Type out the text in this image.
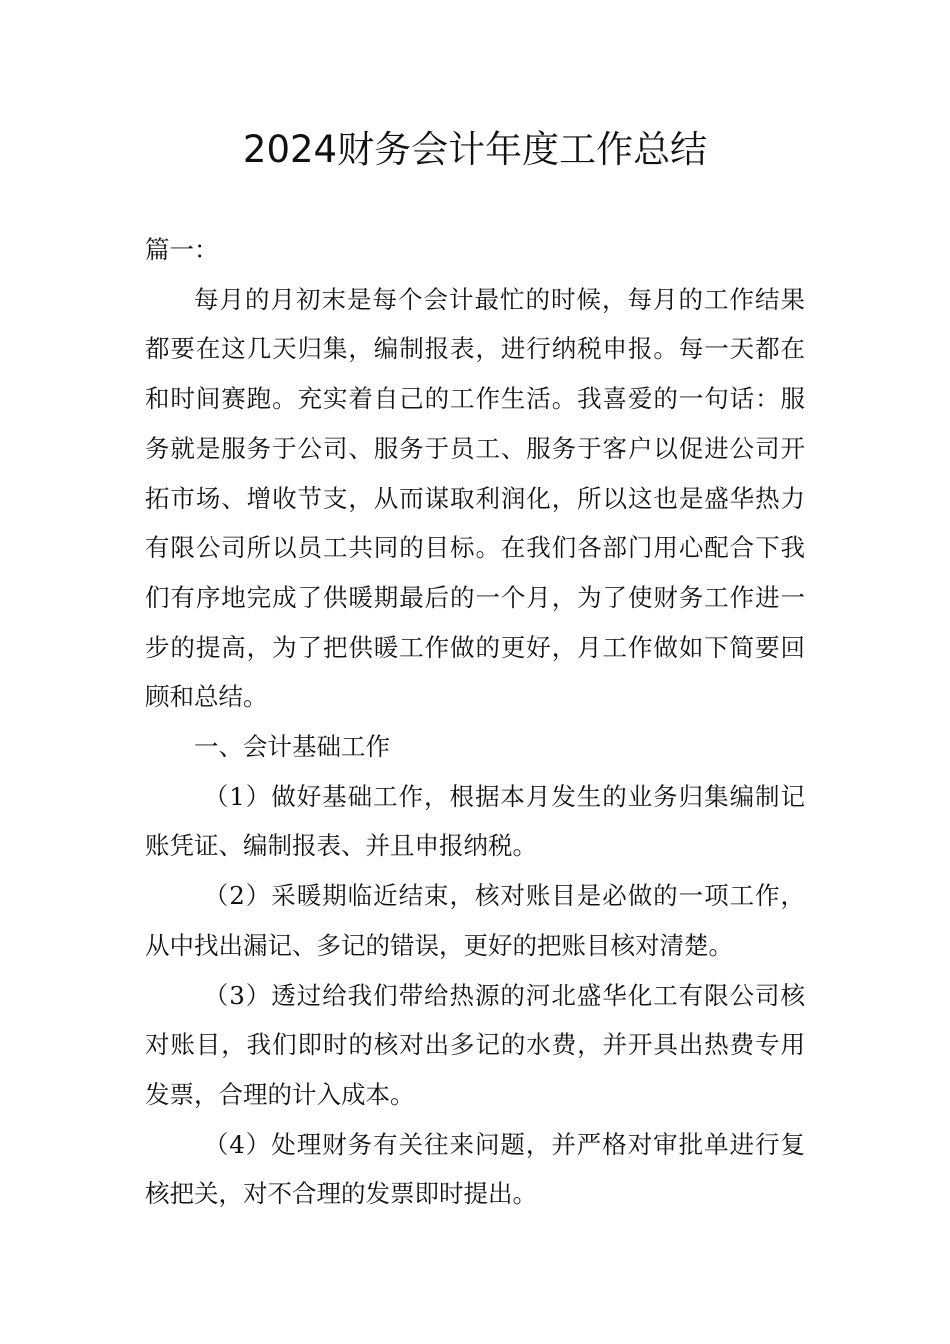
2024财务会计年度工作总结

篇一：

每月的月初末是每个会计最忙的时候，每月的工作结果都要在这几天归集，编制报表，进行纳税申报。每一天都在和时间赛跑。充实着自己的工作生活。我喜爱的一句话：服务就是服务于公司、服务于员工、服务于客户以促进公司开拓市场、增收节支，从而谋取利润化，所以这也是盛华热力有限公司所以员工共同的目标。在我们各部门用心配合下我们有序地完成了供暖期最后的一个月，为了使财务工作进一步的提高，为了把供暖工作做的更好，月工作做如下简要回顾和总结。

一、会计基础工作

（1）做好基础工作，根据本月发生的业务归集编制记账凭证、编制报表、并且申报纳税。

（2）采暖期临近结束，核对账目是必做的一项工作，从中找出漏记、多记的错误，更好的把账目核对清楚。

（3）透过给我们带给热源的河北盛华化工有限公司核对账目，我们即时的核对出多记的水费，并开具出热费专用发票，合理的计入成本。

（4）处理财务有关往来问题，并严格对审批单进行复核把关，对不合理的发票即时提出。
